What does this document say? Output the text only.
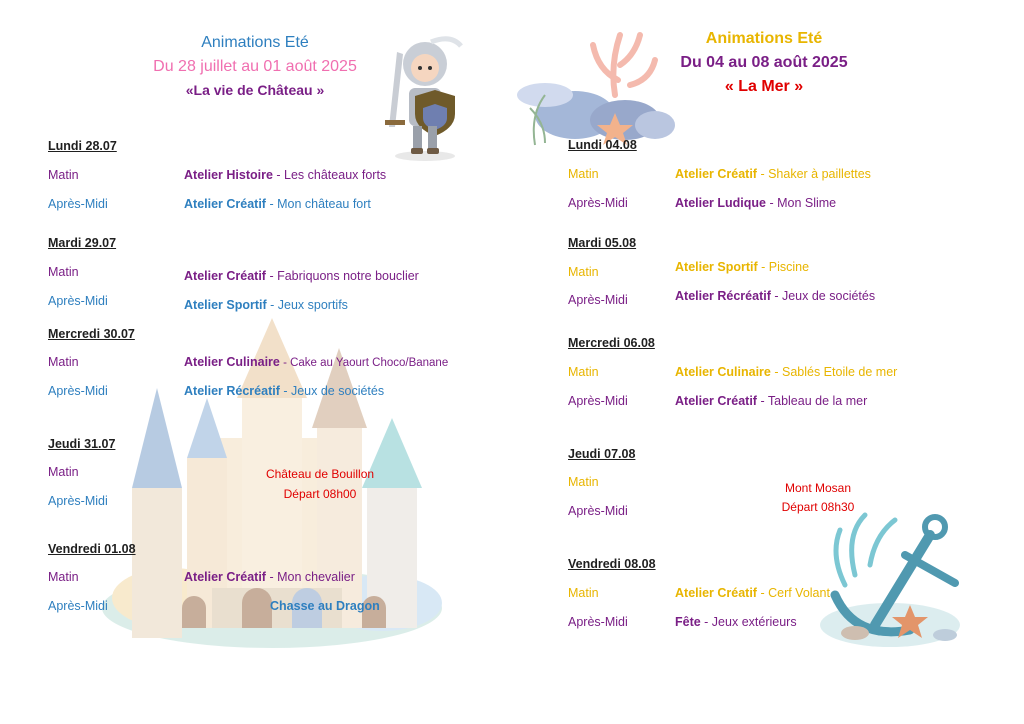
Animations Eté
Du 28 juillet au 01 août 2025
«La vie de Château »
Lundi 28.07
Matin	Atelier Histoire - Les châteaux forts
Après-Midi	Atelier Créatif - Mon château fort
Mardi 29.07
Matin	Atelier Créatif - Fabriquons notre bouclier
Après-Midi	Atelier Sportif - Jeux sportifs
Mercredi 30.07
Matin	Atelier Culinaire - Cake au Yaourt Choco/Banane
Après-Midi	Atelier Récréatif - Jeux de sociétés
Jeudi 31.07
Matin
Après-Midi
Château de Bouillon
Départ 08h00
Vendredi 01.08
Matin	Atelier Créatif - Mon chevalier
Après-Midi	Chasse au Dragon
Animations Eté
Du 04 au 08 août 2025
« La Mer »
Lundi 04.08
Matin	Atelier Créatif - Shaker à paillettes
Après-Midi	Atelier Ludique - Mon Slime
Mardi 05.08
Matin	Atelier Sportif - Piscine
Après-Midi	Atelier Récréatif - Jeux de sociétés
Mercredi 06.08
Matin	Atelier Culinaire - Sablés Etoile de mer
Après-Midi	Atelier Créatif - Tableau de la mer
Jeudi 07.08
Matin
Après-Midi
Mont Mosan
Départ 08h30
Vendredi 08.08
Matin	Atelier Créatif - Cerf Volant
Après-Midi	Fête - Jeux extérieurs
